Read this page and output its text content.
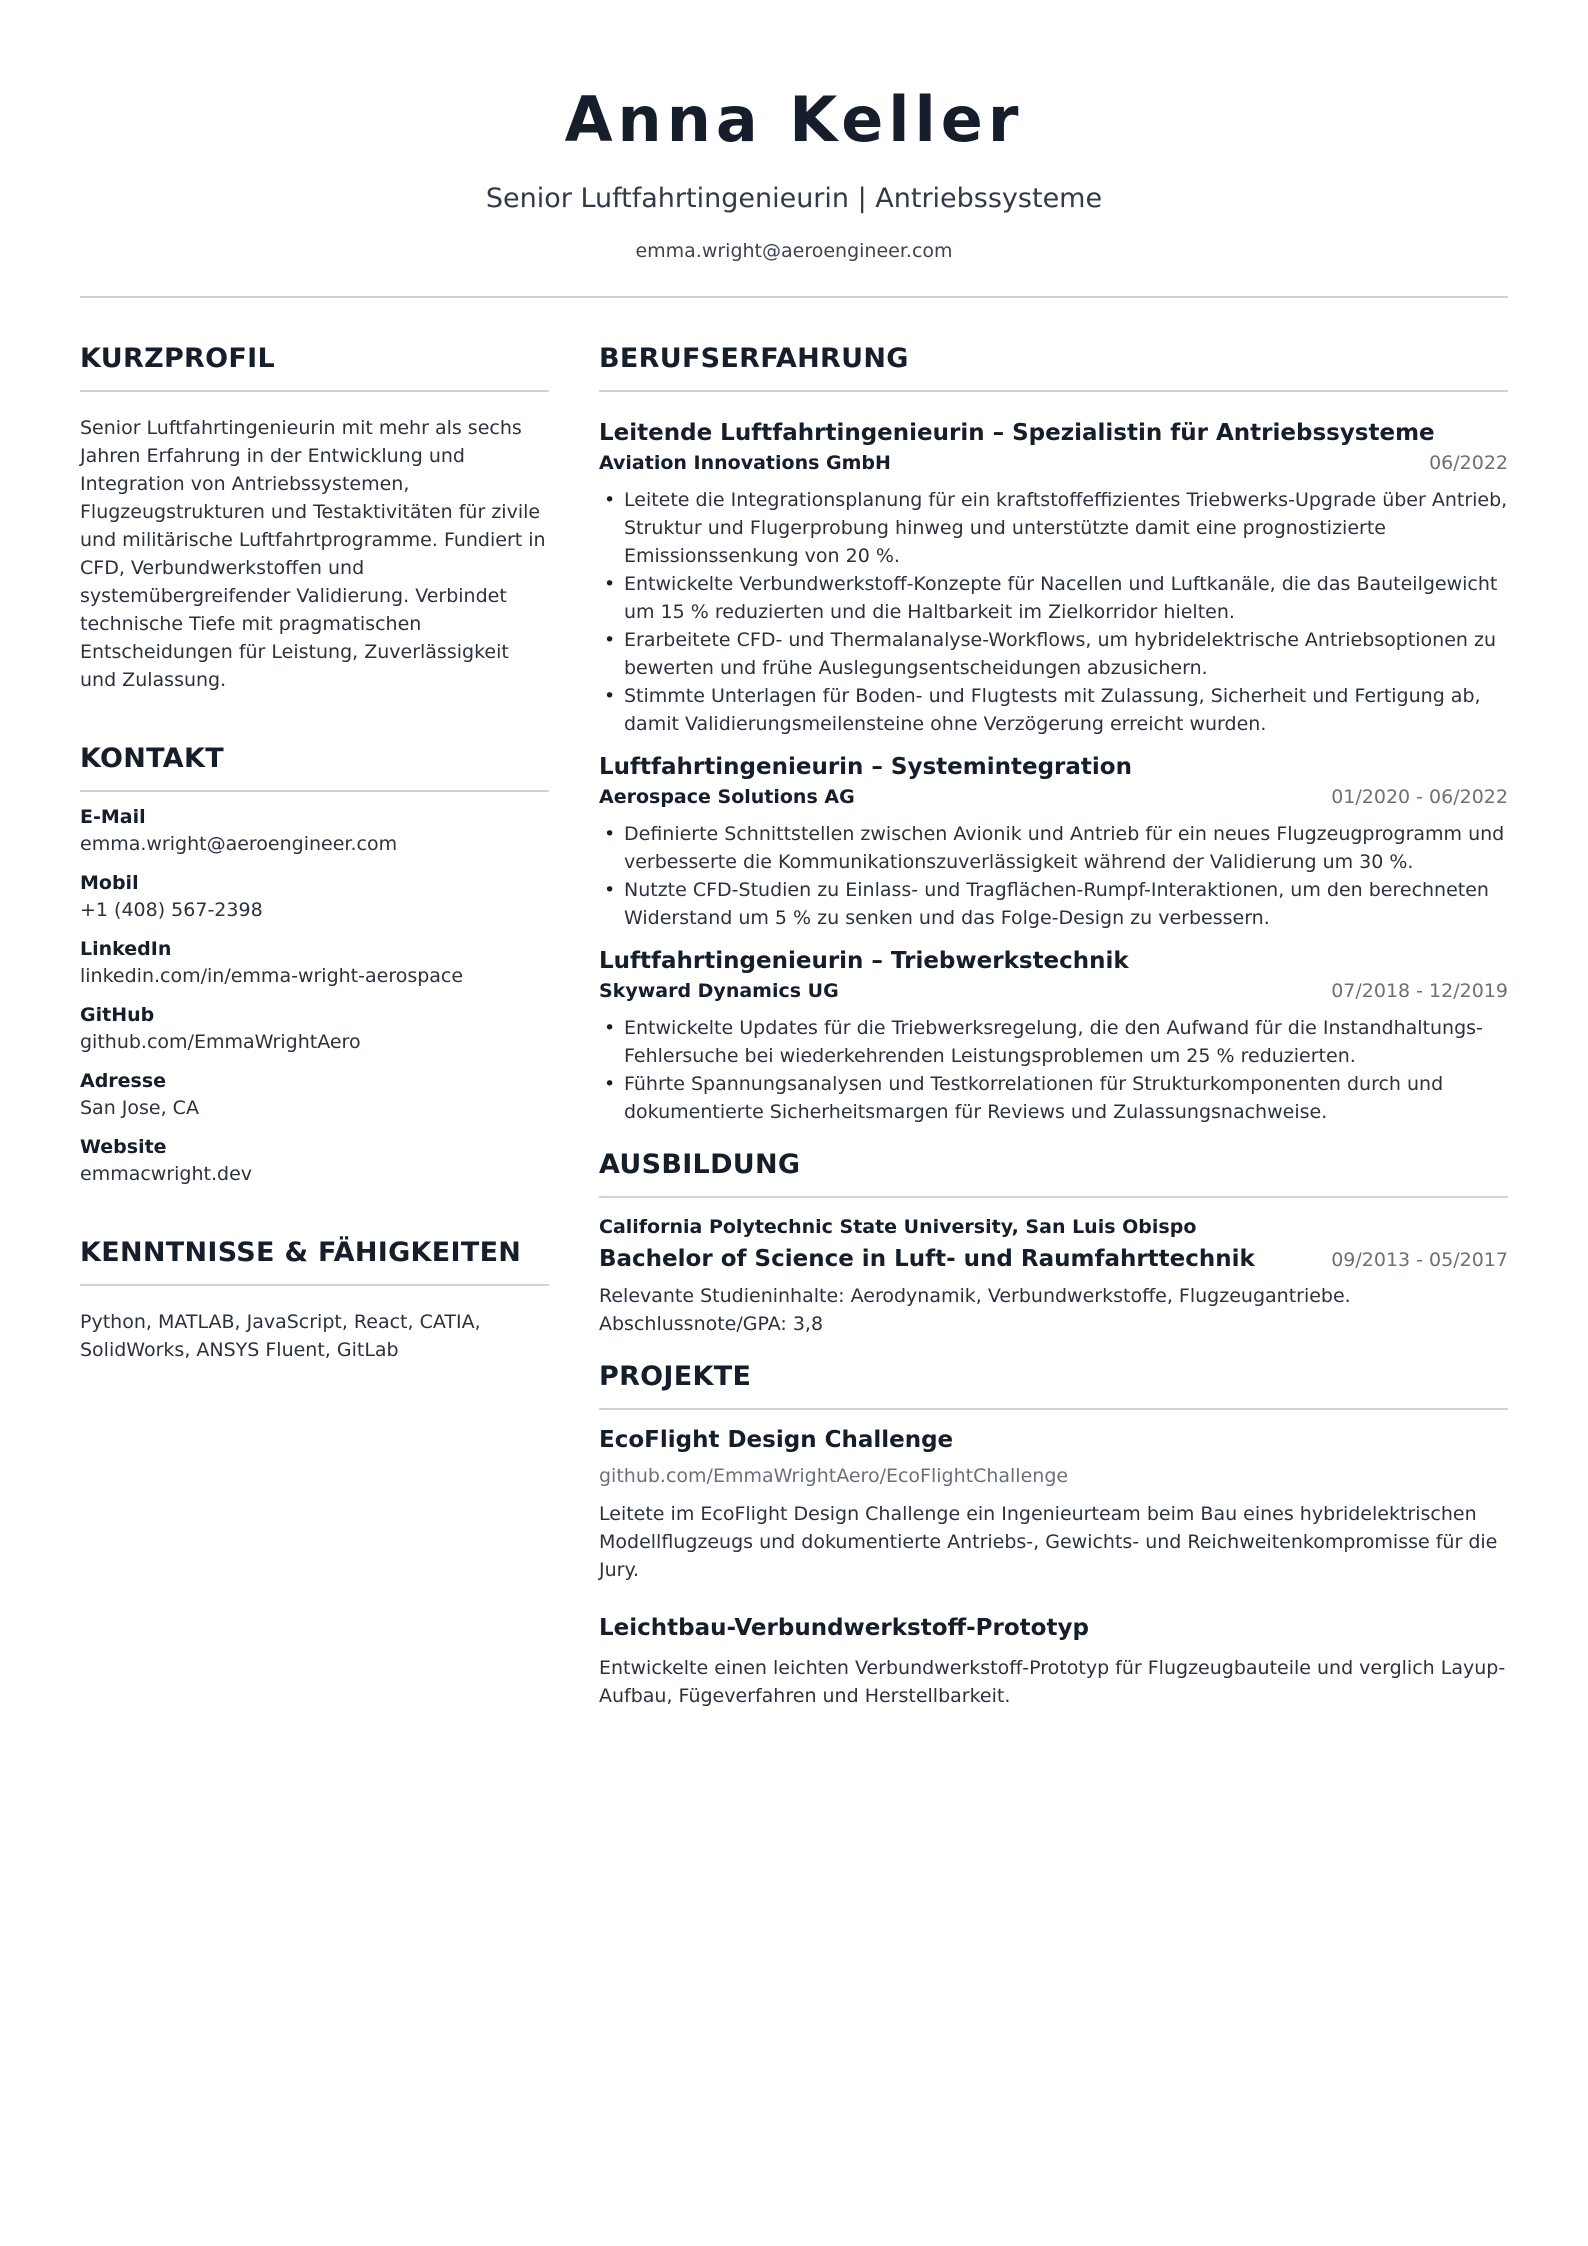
Anna Keller
Senior Luftfahrtingenieurin | Antriebssysteme
emma.wright@aeroengineer.com
KURZPROFIL

Senior Luftfahrtingenieurin mit mehr als sechs Jahren Erfahrung in der Entwicklung und Integration von Antriebssystemen, Flugzeugstrukturen und Testaktivitäten für zivile und militärische Luftfahrtprogramme. Fundiert in CFD, Verbundwerkstoffen und systemübergreifender Validierung. Verbindet technische Tiefe mit pragmatischen Entscheidungen für Leistung, Zuverlässigkeit und Zulassung.

KONTAKT
E-Mail
emma.wright@aeroengineer.com
Mobil
+1 (408) 567-2398
LinkedIn
linkedin.com/in/emma-wright-aerospace
GitHub
github.com/EmmaWrightAero
Adresse
San Jose, CA
Website
emmacwright.dev
KENNTNISSE & FÄHIGKEITEN

Python, MATLAB, JavaScript, React, CATIA, SolidWorks, ANSYS Fluent, GitLab

BERUFSERFAHRUNG
Leitende Luftfahrtingenieurin – Spezialistin für Antriebssysteme
Aviation Innovations GmbH	06/2022
• Leitete die Integrationsplanung für ein kraftstoffeffizientes Triebwerks-Upgrade über Antrieb, Struktur und Flugerprobung hinweg und unterstützte damit eine prognostizierte Emissionssenkung von 20 %.
• Entwickelte Verbundwerkstoff-Konzepte für Nacellen und Luftkanäle, die das Bauteilgewicht um 15 % reduzierten und die Haltbarkeit im Zielkorridor hielten.
• Erarbeitete CFD- und Thermalanalyse-Workflows, um hybridelektrische Antriebsoptionen zu bewerten und frühe Auslegungsentscheidungen abzusichern.
• Stimmte Unterlagen für Boden- und Flugtests mit Zulassung, Sicherheit und Fertigung ab, damit Validierungsmeilensteine ohne Verzögerung erreicht wurden.
Luftfahrtingenieurin – Systemintegration
Aerospace Solutions AG	01/2020 - 06/2022
• Definierte Schnittstellen zwischen Avionik und Antrieb für ein neues Flugzeugprogramm und verbesserte die Kommunikationszuverlässigkeit während der Validierung um 30 %.
• Nutzte CFD-Studien zu Einlass- und Tragflächen-Rumpf-Interaktionen, um den berechneten Widerstand um 5 % zu senken und das Folge-Design zu verbessern.
Luftfahrtingenieurin – Triebwerkstechnik
Skyward Dynamics UG	07/2018 - 12/2019
• Entwickelte Updates für die Triebwerksregelung, die den Aufwand für die Instandhaltungs-Fehlersuche bei wiederkehrenden Leistungsproblemen um 25 % reduzierten.
• Führte Spannungsanalysen und Testkorrelationen für Strukturkomponenten durch und dokumentierte Sicherheitsmargen für Reviews und Zulassungsnachweise.
AUSBILDUNG
California Polytechnic State University, San Luis Obispo
Bachelor of Science in Luft- und Raumfahrttechnik	09/2013 - 05/2017
Relevante Studieninhalte: Aerodynamik, Verbundwerkstoffe, Flugzeugantriebe. Abschlussnote/GPA: 3,8
PROJEKTE
EcoFlight Design Challenge
github.com/EmmaWrightAero/EcoFlightChallenge
Leitete im EcoFlight Design Challenge ein Ingenieurteam beim Bau eines hybridelektrischen Modellflugzeugs und dokumentierte Antriebs-, Gewichts- und Reichweitenkompromisse für die Jury.
Leichtbau-Verbundwerkstoff-Prototyp
Entwickelte einen leichten Verbundwerkstoff-Prototyp für Flugzeugbauteile und verglich Layup-Aufbau, Fügeverfahren und Herstellbarkeit.
